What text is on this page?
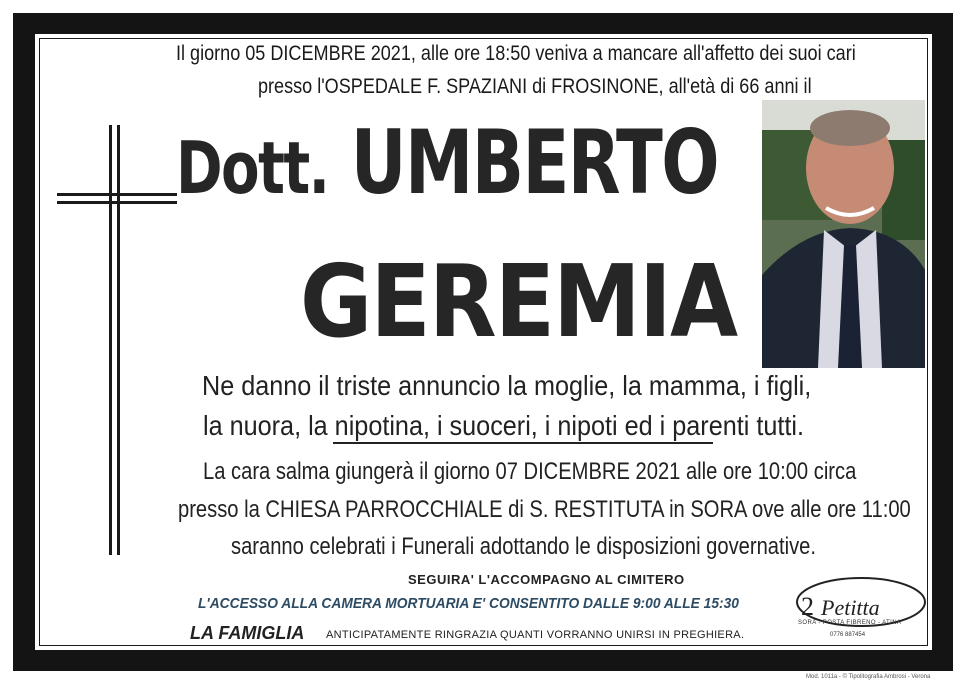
Il giorno 05 DICEMBRE 2021, alle ore 18:50 veniva a mancare all'affetto dei suoi cari
presso l'OSPEDALE F. SPAZIANI di FROSINONE, all'età di 66 anni il
Dott. UMBERTO
GEREMIA
Ne danno il triste annuncio la moglie, la mamma, i figli,
la nuora, la nipotina, i suoceri, i nipoti ed i parenti tutti.
La cara salma giungerà il giorno 07 DICEMBRE 2021 alle ore 10:00 circa
presso la CHIESA PARROCCHIALE di S. RESTITUTA in SORA ove alle ore 11:00
saranno celebrati i Funerali adottando le disposizioni governative.
SEGUIRA' L'ACCOMPAGNO AL CIMITERO
L'ACCESSO ALLA CAMERA MORTUARIA E' CONSENTITO DALLE 9:00 ALLE 15:30
LA FAMIGLIA ANTICIPATAMENTE RINGRAZIA QUANTI VORRANNO UNIRSI IN PREGHIERA.
2 Petitta
SORA - POSTA FIBRENO - ATINA
0776 887454
Mod. 1011a - © Tipolitografia Ambrosi - Verona
